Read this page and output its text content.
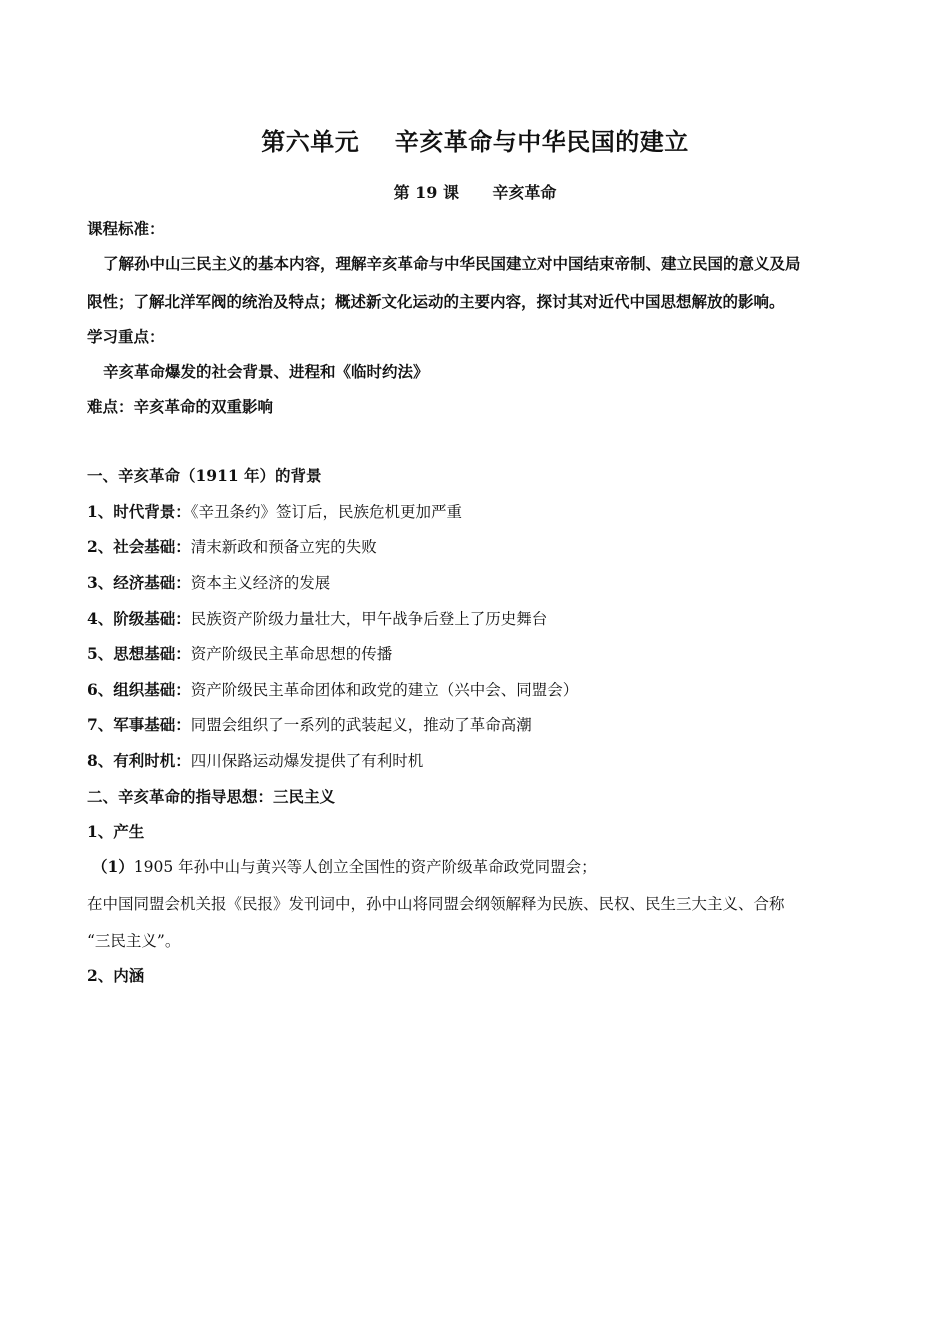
第六单元    辛亥革命与中华民国的建立
第 19 课      辛亥革命
课程标准：
了解孙中山三民主义的基本内容，理解辛亥革命与中华民国建立对中国结束帝制、建立民国的意义及局
限性；了解北洋军阀的统治及特点；概述新文化运动的主要内容，探讨其对近代中国思想解放的影响。
学习重点：
辛亥革命爆发的社会背景、进程和《临时约法》
难点：辛亥革命的双重影响
一、辛亥革命（1911 年）的背景
1、时代背景：《辛丑条约》签订后，民族危机更加严重
2、社会基础：清末新政和预备立宪的失败
3、经济基础：资本主义经济的发展
4、阶级基础：民族资产阶级力量壮大，甲午战争后登上了历史舞台
5、思想基础：资产阶级民主革命思想的传播
6、组织基础：资产阶级民主革命团体和政党的建立（兴中会、同盟会）
7、军事基础：同盟会组织了一系列的武装起义，推动了革命高潮
8、有利时机：四川保路运动爆发提供了有利时机
二、辛亥革命的指导思想：三民主义
1、产生
（1）1905 年孙中山与黄兴等人创立全国性的资产阶级革命政党同盟会；
在中国同盟会机关报《民报》发刊词中，孙中山将同盟会纲领解释为民族、民权、民生三大主义、合称
“三民主义”。
2、内涵
